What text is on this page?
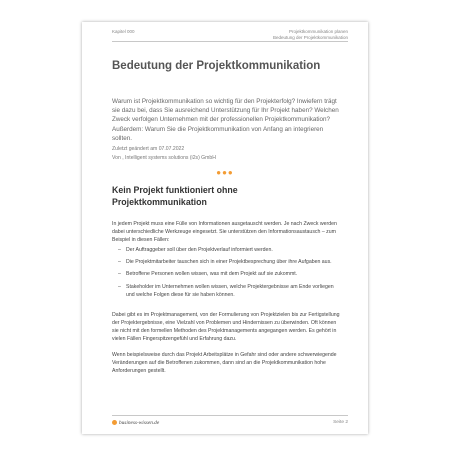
Kapitel 000	Projektkommunikation planen
Bedeutung der Projektkommunikation
Bedeutung der Projektkommunikation
Warum ist Projektkommunikation so wichtig für den Projekterfolg? Inwiefern trägt sie dazu bei, dass Sie ausreichend Unterstützung für Ihr Projekt haben? Welchen Zweck verfolgen Unternehmen mit der professionellen Projektkommunikation? Außerdem: Warum Sie die Projektkommunikation von Anfang an integrieren sollten.
Zuletzt geändert am 07.07.2022
Von , Intelligent systems solutions (i2s) GmbH
●●●
Kein Projekt funktioniert ohne Projektkommunikation

In jedem Projekt muss eine Fülle von Informationen ausgetauscht werden. Je nach Zweck werden dabei unterschiedliche Werkzeuge eingesetzt. Sie unterstützen den Informationsaustausch – zum Beispiel in diesen Fällen:

– Der Auftraggeber soll über den Projektverlauf informiert werden.
– Die Projektmitarbeiter tauschen sich in einer Projektbesprechung über ihre Aufgaben aus.
– Betroffene Personen wollen wissen, was mit dem Projekt auf sie zukommt.
– Stakeholder im Unternehmen wollen wissen, welche Projektergebnisse am Ende vorliegen und welche Folgen diese für sie haben können.

Dabei gibt es im Projektmanagement, von der Formulierung von Projektzielen bis zur Fertigstellung der Projektergebnisse, eine Vielzahl von Problemen und Hindernissen zu überwinden. Oft können sie nicht mit den formellen Methoden des Projektmanagements angegangen werden. Es gehört in vielen Fällen Fingerspitzengefühl und Erfahrung dazu.

Wenn beispielsweise durch das Projekt Arbeitsplätze in Gefahr sind oder andere schwerwiegende Veränderungen auf die Betroffenen zukommen, dann sind an die Projektkommunikation hohe Anforderungen gestellt.

business-wissen.de	Seite 2
